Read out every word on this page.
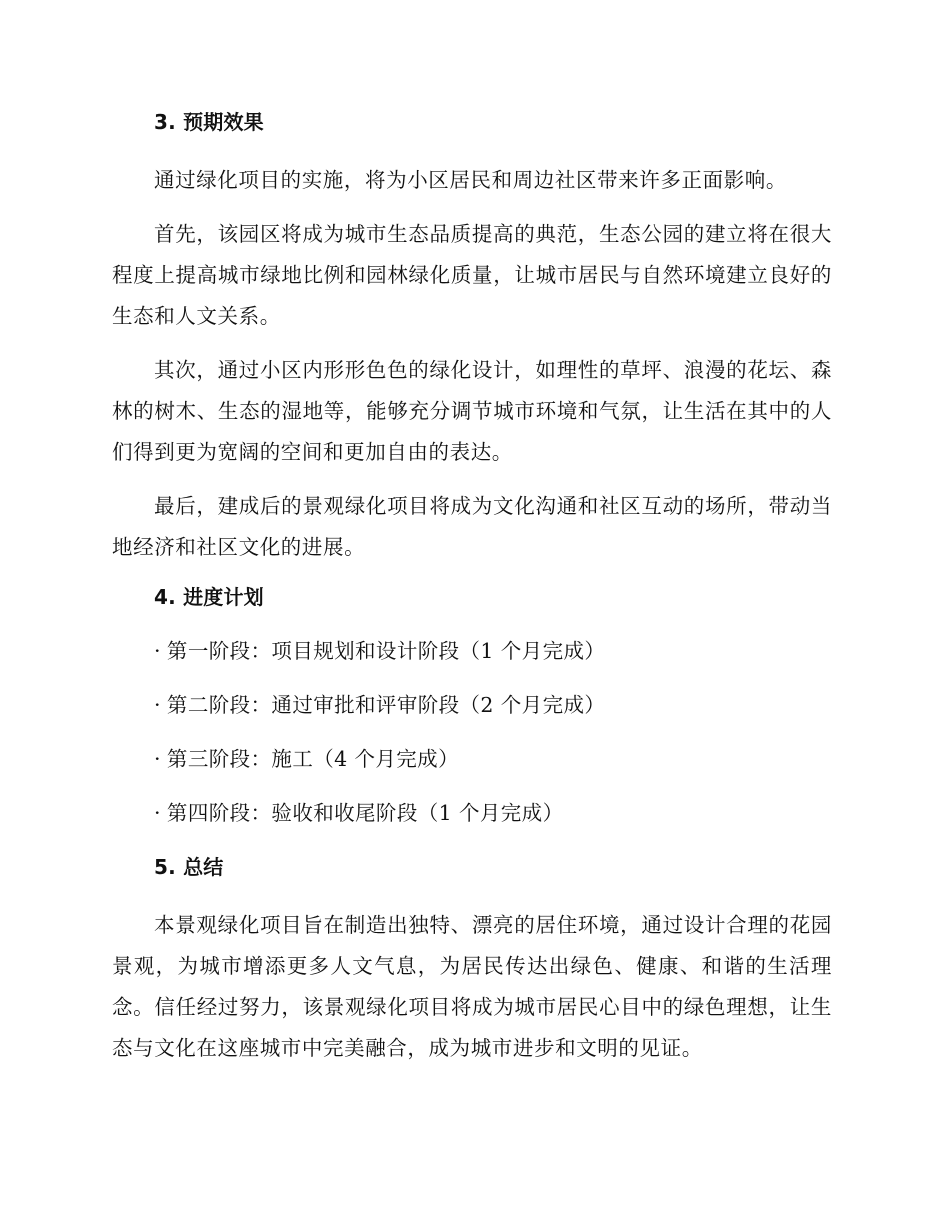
3. 预期效果

通过绿化项目的实施，将为小区居民和周边社区带来许多正面影响。

首先，该园区将成为城市生态品质提高的典范，生态公园的建立将在很大程度上提高城市绿地比例和园林绿化质量，让城市居民与自然环境建立良好的生态和人文关系。

其次，通过小区内形形色色的绿化设计，如理性的草坪、浪漫的花坛、森林的树木、生态的湿地等，能够充分调节城市环境和气氛，让生活在其中的人们得到更为宽阔的空间和更加自由的表达。

最后，建成后的景观绿化项目将成为文化沟通和社区互动的场所，带动当地经济和社区文化的进展。

4. 进度计划
· 第一阶段：项目规划和设计阶段（1 个月完成）
· 第二阶段：通过审批和评审阶段（2 个月完成）
· 第三阶段：施工（4 个月完成）
· 第四阶段：验收和收尾阶段（1 个月完成）
5. 总结

本景观绿化项目旨在制造出独特、漂亮的居住环境，通过设计合理的花园景观，为城市增添更多人文气息，为居民传达出绿色、健康、和谐的生活理念。信任经过努力，该景观绿化项目将成为城市居民心目中的绿色理想，让生态与文化在这座城市中完美融合，成为城市进步和文明的见证。
